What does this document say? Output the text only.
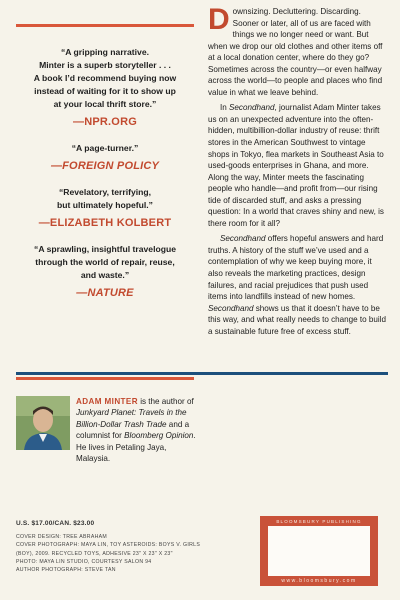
“A gripping narrative.
Minter is a superb storyteller . . .
A book I’d recommend buying now
instead of waiting for it to show up
at your local thrift store.”
—NPR.ORG
“A page-turner.”
—FOREIGN POLICY
“Revelatory, terrifying,
but ultimately hopeful.”
—ELIZABETH KOLBERT
“A sprawling, insightful travelogue
through the world of repair, reuse,
and waste.”
—NATURE

Downsizing. Decluttering. Discarding. Sooner or later, all of us are faced with things we no longer need or want. But when we drop our old clothes and other items off at a local donation center, where do they go? Sometimes across the country—or even halfway across the world—to people and places who find value in what we leave behind.

In Secondhand, journalist Adam Minter takes us on an unexpected adventure into the often-hidden, multibillion-dollar industry of reuse: thrift stores in the American Southwest to vintage shops in Tokyo, flea markets in Southeast Asia to used-goods enterprises in Ghana, and more. Along the way, Minter meets the fascinating people who handle—and profit from—our rising tide of discarded stuff, and asks a pressing question: In a world that craves shiny and new, is there room for it all?

Secondhand offers hopeful answers and hard truths. A history of the stuff we’ve used and a contemplation of why we keep buying more, it also reveals the marketing practices, design failures, and racial prejudices that push used items into landfills instead of new homes. Secondhand shows us that it doesn’t have to be this way, and what really needs to change to build a sustainable future free of excess stuff.

ADAM MINTER is the author of Junkyard Planet: Travels in the Billion-Dollar Trash Trade and a columnist for Bloomberg Opinion. He lives in Petaling Jaya, Malaysia.
U.S. $17.00/CAN. $23.00
COVER DESIGN: TREE ABRAHAM
COVER PHOTOGRAPH: MAYA LIN, TOY ASTEROIDS: BOYS V. GIRLS
(BOY), 2009. RECYCLED TOYS, ADHESIVE 23" X 23" X 23"
PHOTO: MAYA LIN STUDIO, COURTESY SALON 94
AUTHOR PHOTOGRAPH: STEVE TAN
BLOOMSBURY PUBLISHING
www.bloomsbury.com
